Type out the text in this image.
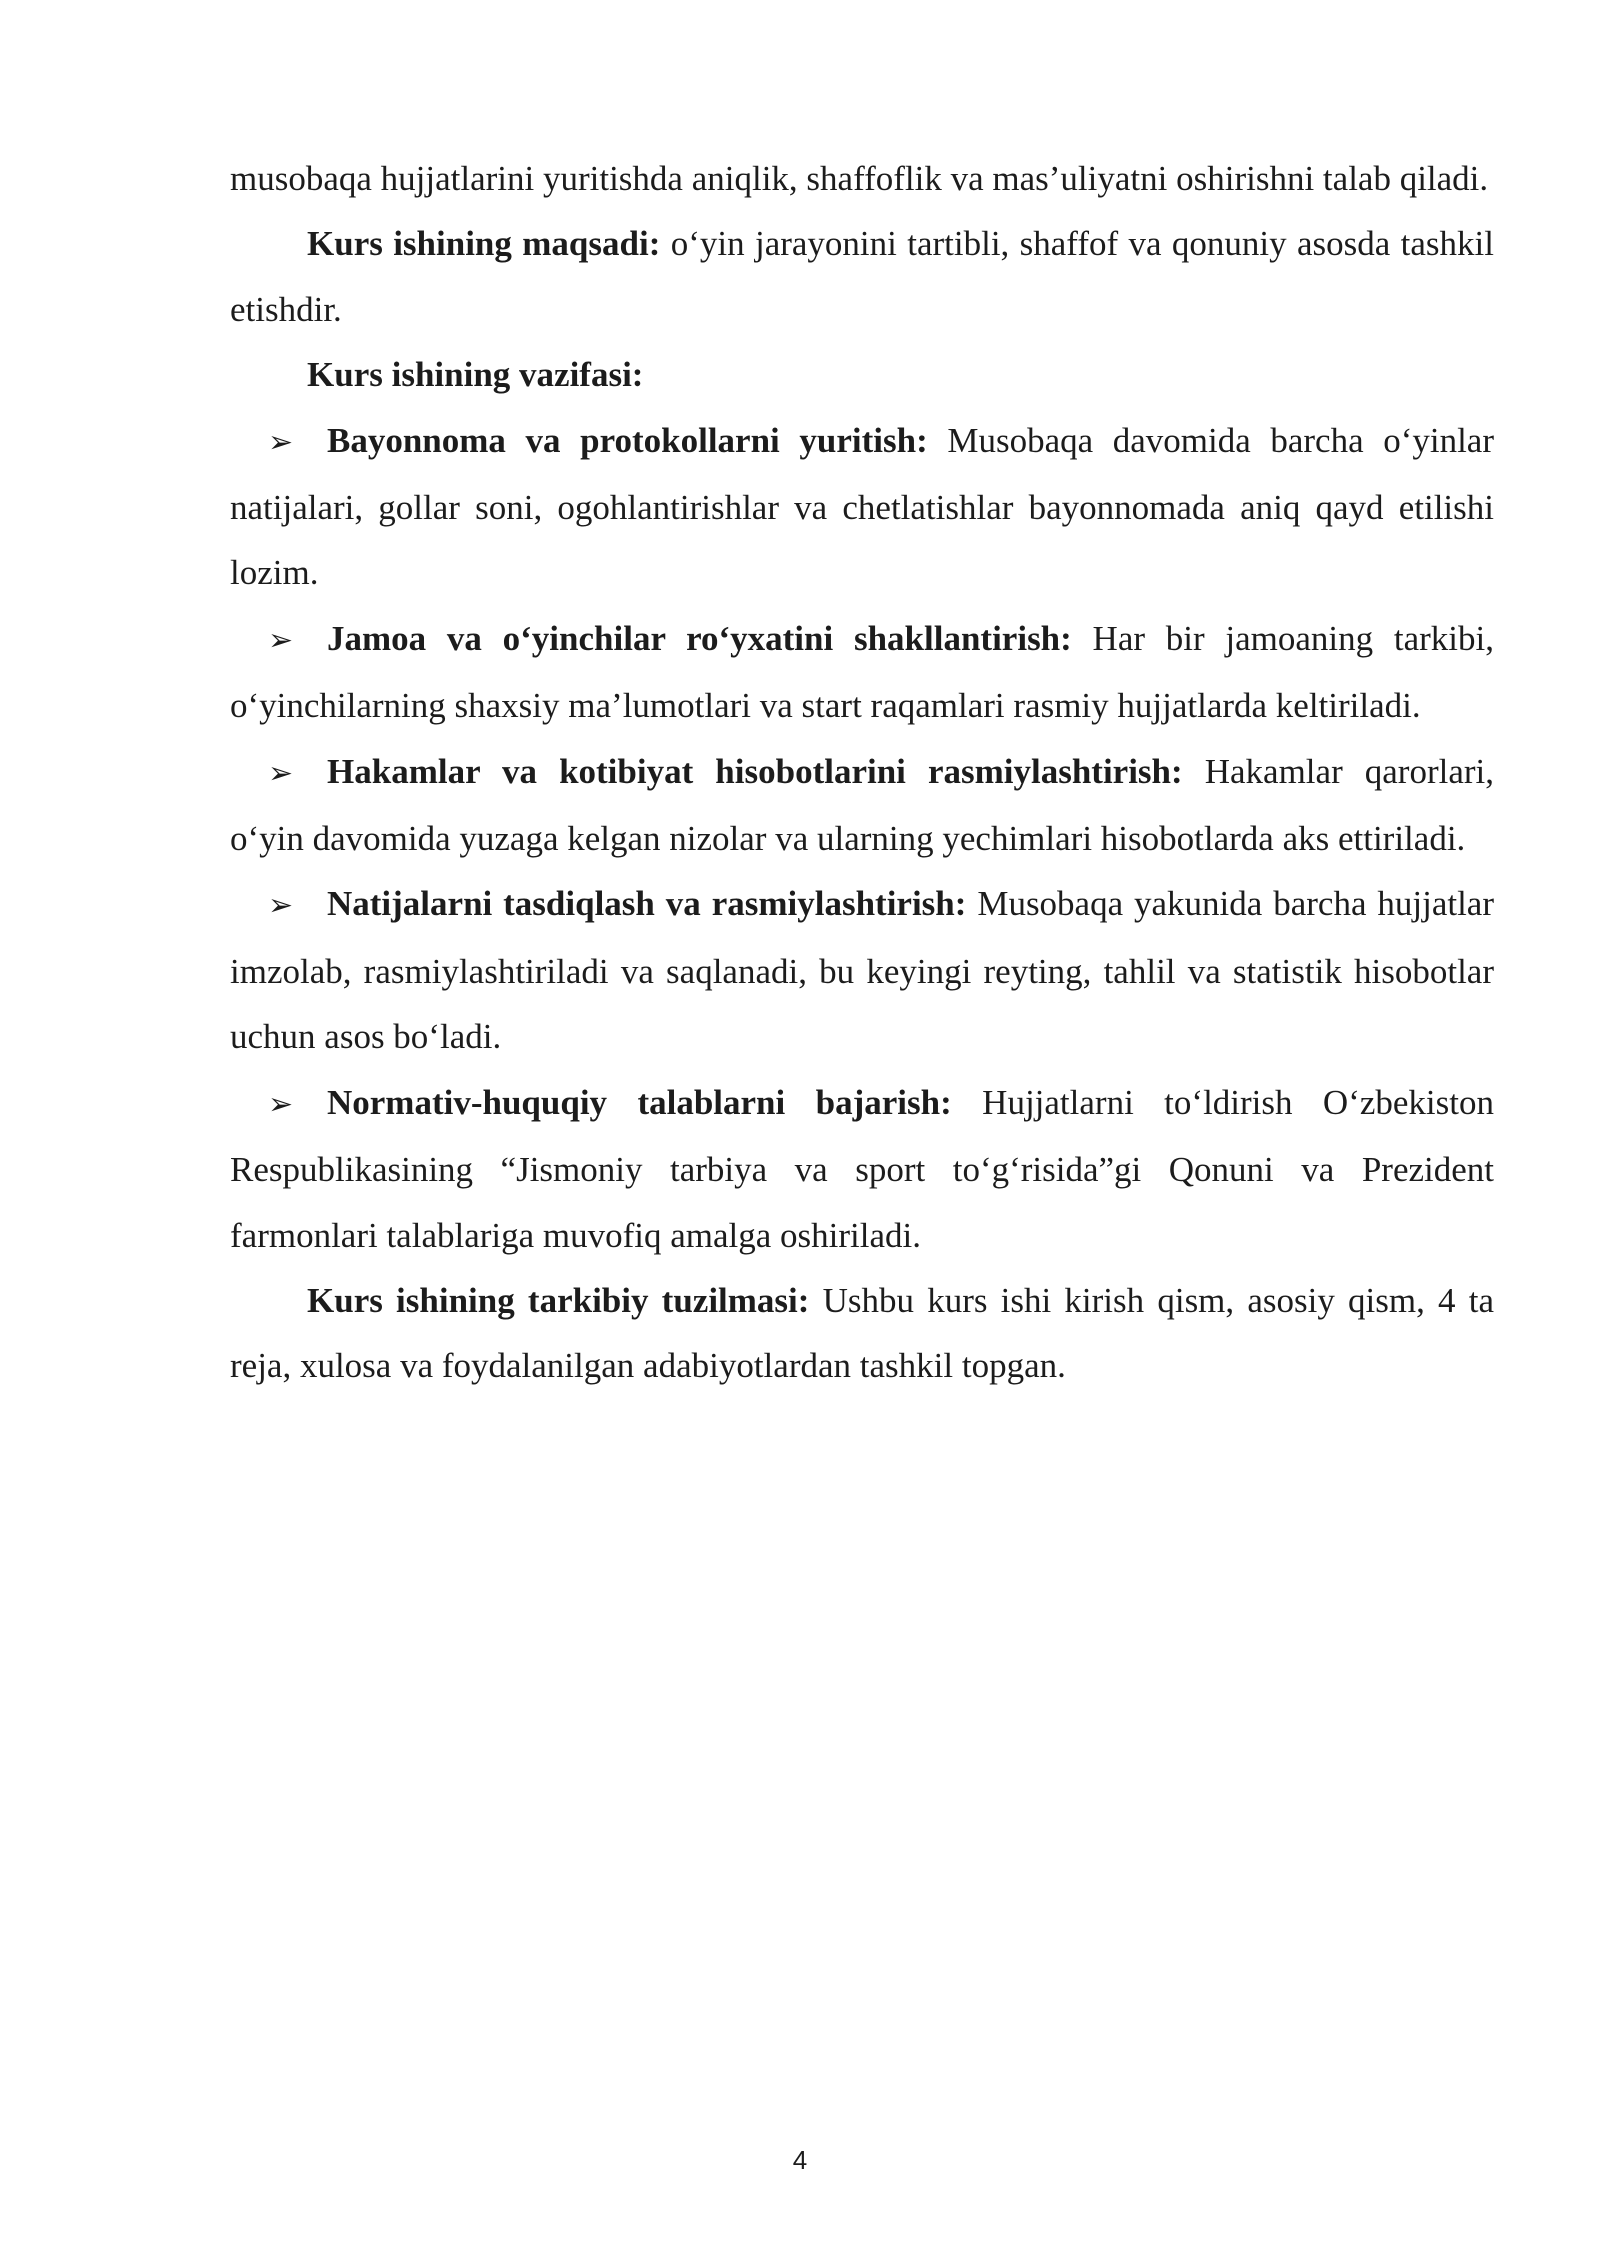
musobaqa hujjatlarini yuritishda aniqlik, shaffoflik va mas’uliyatni oshirishni talab qiladi.

Kurs ishining maqsadi: o‘yin jarayonini tartibli, shaffof va qonuniy asosda tashkil etishdir.

Kurs ishining vazifasi:

➢ Bayonnoma va protokollarni yuritish: Musobaqa davomida barcha o‘yinlar natijalari, gollar soni, ogohlantirishlar va chetlatishlar bayonnomada aniq qayd etilishi lozim.

➢ Jamoa va o‘yinchilar ro‘yxatini shakllantirish: Har bir jamoaning tarkibi, o‘yinchilarning shaxsiy ma’lumotlari va start raqamlari rasmiy hujjatlarda keltiriladi.

➢ Hakamlar va kotibiyat hisobotlarini rasmiylashtirish: Hakamlar qarorlari, o‘yin davomida yuzaga kelgan nizolar va ularning yechimlari hisobotlarda aks ettiriladi.

➢ Natijalarni tasdiqlash va rasmiylashtirish: Musobaqa yakunida barcha hujjatlar imzolab, rasmiylashtiriladi va saqlanadi, bu keyingi reyting, tahlil va statistik hisobotlar uchun asos bo‘ladi.

➢ Normativ-huquqiy talablarni bajarish: Hujjatlarni to‘ldirish O‘zbekiston Respublikasining “Jismoniy tarbiya va sport to‘g‘risida”gi Qonuni va Prezident farmonlari talablariga muvofiq amalga oshiriladi.

Kurs ishining tarkibiy tuzilmasi: Ushbu kurs ishi kirish qism, asosiy qism, 4 ta reja, xulosa va foydalanilgan adabiyotlardan tashkil topgan.

4
